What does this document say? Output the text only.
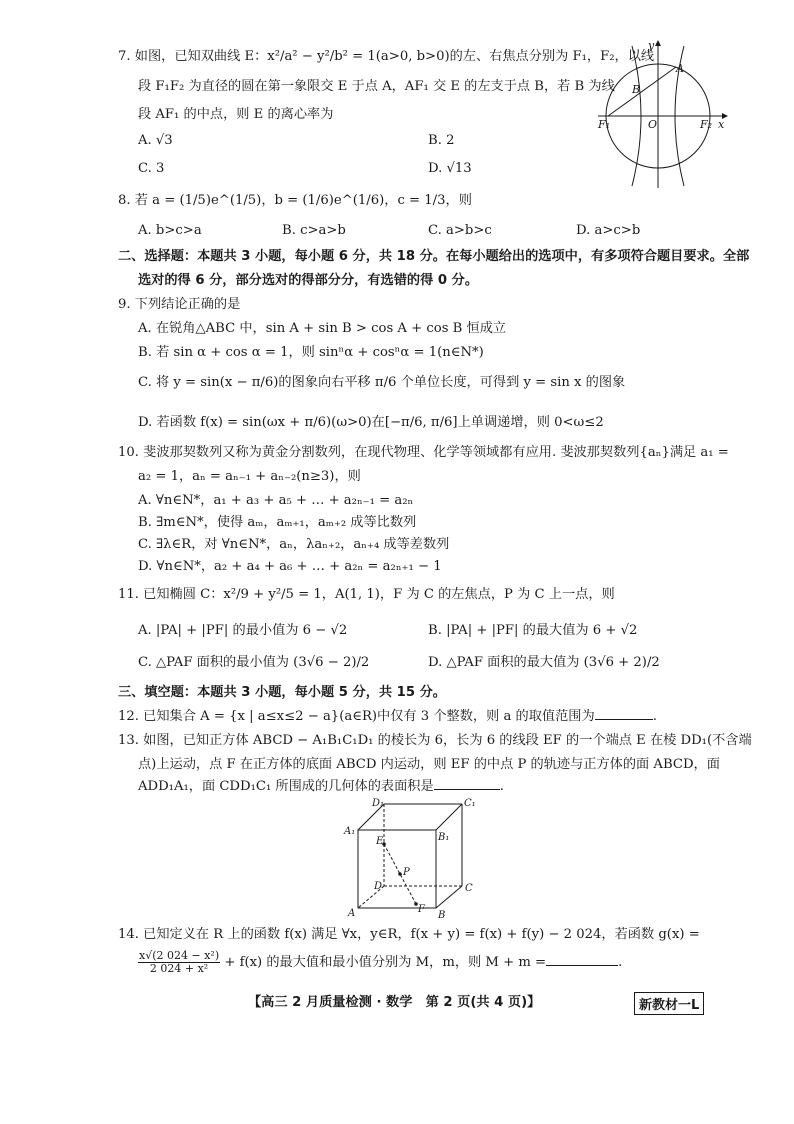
7. 如图，已知双曲线 E：x²/a² − y²/b² = 1(a>0, b>0)的左、右焦点分别为 F₁，F₂，以线
段 F₁F₂ 为直径的圆在第一象限交 E 于点 A，AF₁ 交 E 的左支于点 B，若 B 为线
段 AF₁ 的中点，则 E 的离心率为
A. √3	B. 2
C. 3	D. √13
y
A
B
O
F₁	F₂ x
8. 若 a = (1/5)e^(1/5)，b = (1/6)e^(1/6)，c = 1/3，则
A. b>c>a	B. c>a>b	C. a>b>c	D. a>c>b
二、选择题：本题共 3 小题，每小题 6 分，共 18 分。在每小题给出的选项中，有多项符合题目要求。全部
选对的得 6 分，部分选对的得部分分，有选错的得 0 分。
9. 下列结论正确的是
A. 在锐角△ABC 中，sin A + sin B > cos A + cos B 恒成立
B. 若 sin α + cos α = 1，则 sinⁿα + cosⁿα = 1(n∈N*)
C. 将 y = sin(x − π/6)的图象向右平移 π/6 个单位长度，可得到 y = sin x 的图象
D. 若函数 f(x) = sin(ωx + π/6)(ω>0)在[−π/6, π/6]上单调递增，则 0<ω≤2
10. 斐波那契数列又称为黄金分割数列，在现代物理、化学等领域都有应用. 斐波那契数列{aₙ}满足 a₁ =
a₂ = 1，aₙ = aₙ₋₁ + aₙ₋₂(n≥3)，则
A. ∀n∈N*，a₁ + a₃ + a₅ + … + a₂ₙ₋₁ = a₂ₙ
B. ∃m∈N*，使得 aₘ，aₘ₊₁，aₘ₊₂ 成等比数列
C. ∃λ∈R，对 ∀n∈N*，aₙ，λaₙ₊₂，aₙ₊₄ 成等差数列
D. ∀n∈N*，a₂ + a₄ + a₆ + … + a₂ₙ = a₂ₙ₊₁ − 1
11. 已知椭圆 C：x²/9 + y²/5 = 1，A(1, 1)，F 为 C 的左焦点，P 为 C 上一点，则
A. |PA| + |PF| 的最小值为 6 − √2	B. |PA| + |PF| 的最大值为 6 + √2
C. △PAF 面积的最小值为 (3√6 − 2)/2	D. △PAF 面积的最大值为 (3√6 + 2)/2
三、填空题：本题共 3 小题，每小题 5 分，共 15 分。
12. 已知集合 A = {x | a≤x≤2 − a}(a∈R)中仅有 3 个整数，则 a 的取值范围为	.
13. 如图，已知正方体 ABCD − A₁B₁C₁D₁ 的棱长为 6，长为 6 的线段 EF 的一个端点 E 在棱 DD₁(不含端
点)上运动，点 F 在正方体的底面 ABCD 内运动，则 EF 的中点 P 的轨迹与正方体的面 ABCD，面
ADD₁A₁，面 CDD₁C₁ 所围成的几何体的表面积是	.
D₁	C₁
A₁
B₁
E
P
D	C
A	B
F
14. 已知定义在 R 上的函数 f(x) 满足 ∀x，y∈R，f(x + y) = f(x) + f(y) − 2 024，若函数 g(x) =
$\frac{\text{x√(2 024 − x²)}}{\text{2 024 + x²}} + f(x)$ 的最大值和最小值分别为 M，m，则 M + m =	.
【高三 2 月质量检测 · 数学　第 2 页(共 4 页)】	新教材一L
